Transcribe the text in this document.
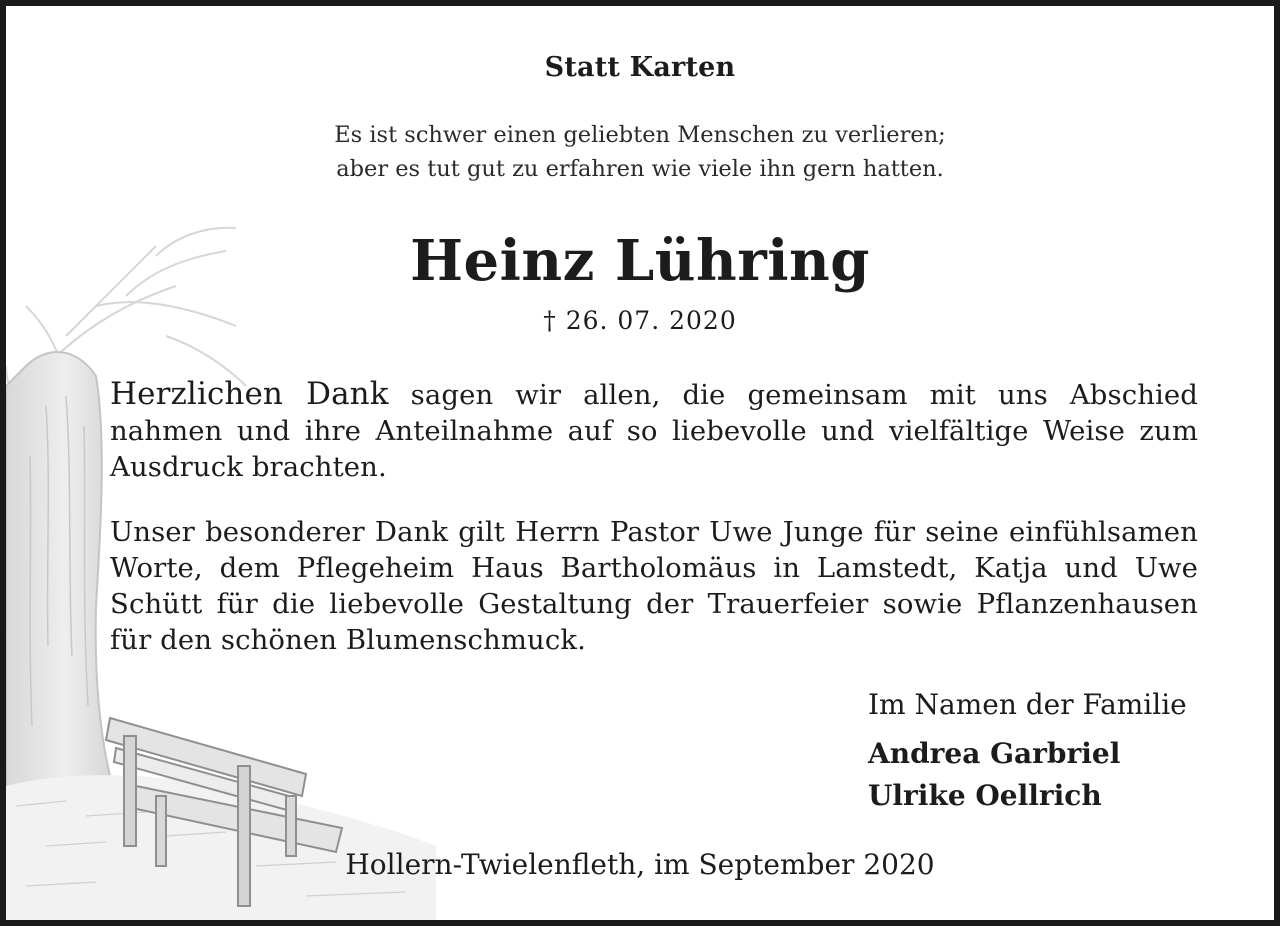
Statt Karten
Es ist schwer einen geliebten Menschen zu verlieren;
aber es tut gut zu erfahren wie viele ihn gern hatten.
Heinz Lühring
† 26. 07. 2020
Herzlichen Dank sagen wir allen, die gemeinsam mit uns Abschied nahmen und ihre Anteilnahme auf so liebevolle und vielfältige Weise zum Ausdruck brachten.
Unser besonderer Dank gilt Herrn Pastor Uwe Junge für seine einfühlsamen Worte, dem Pflegeheim Haus Bartholomäus in Lamstedt, Katja und Uwe Schütt für die liebevolle Gestaltung der Trauerfeier sowie Pflanzenhausen für den schönen Blumenschmuck.
Im Namen der Familie
Andrea Garbriel
Ulrike Oellrich
Hollern-Twielenfleth, im September 2020
